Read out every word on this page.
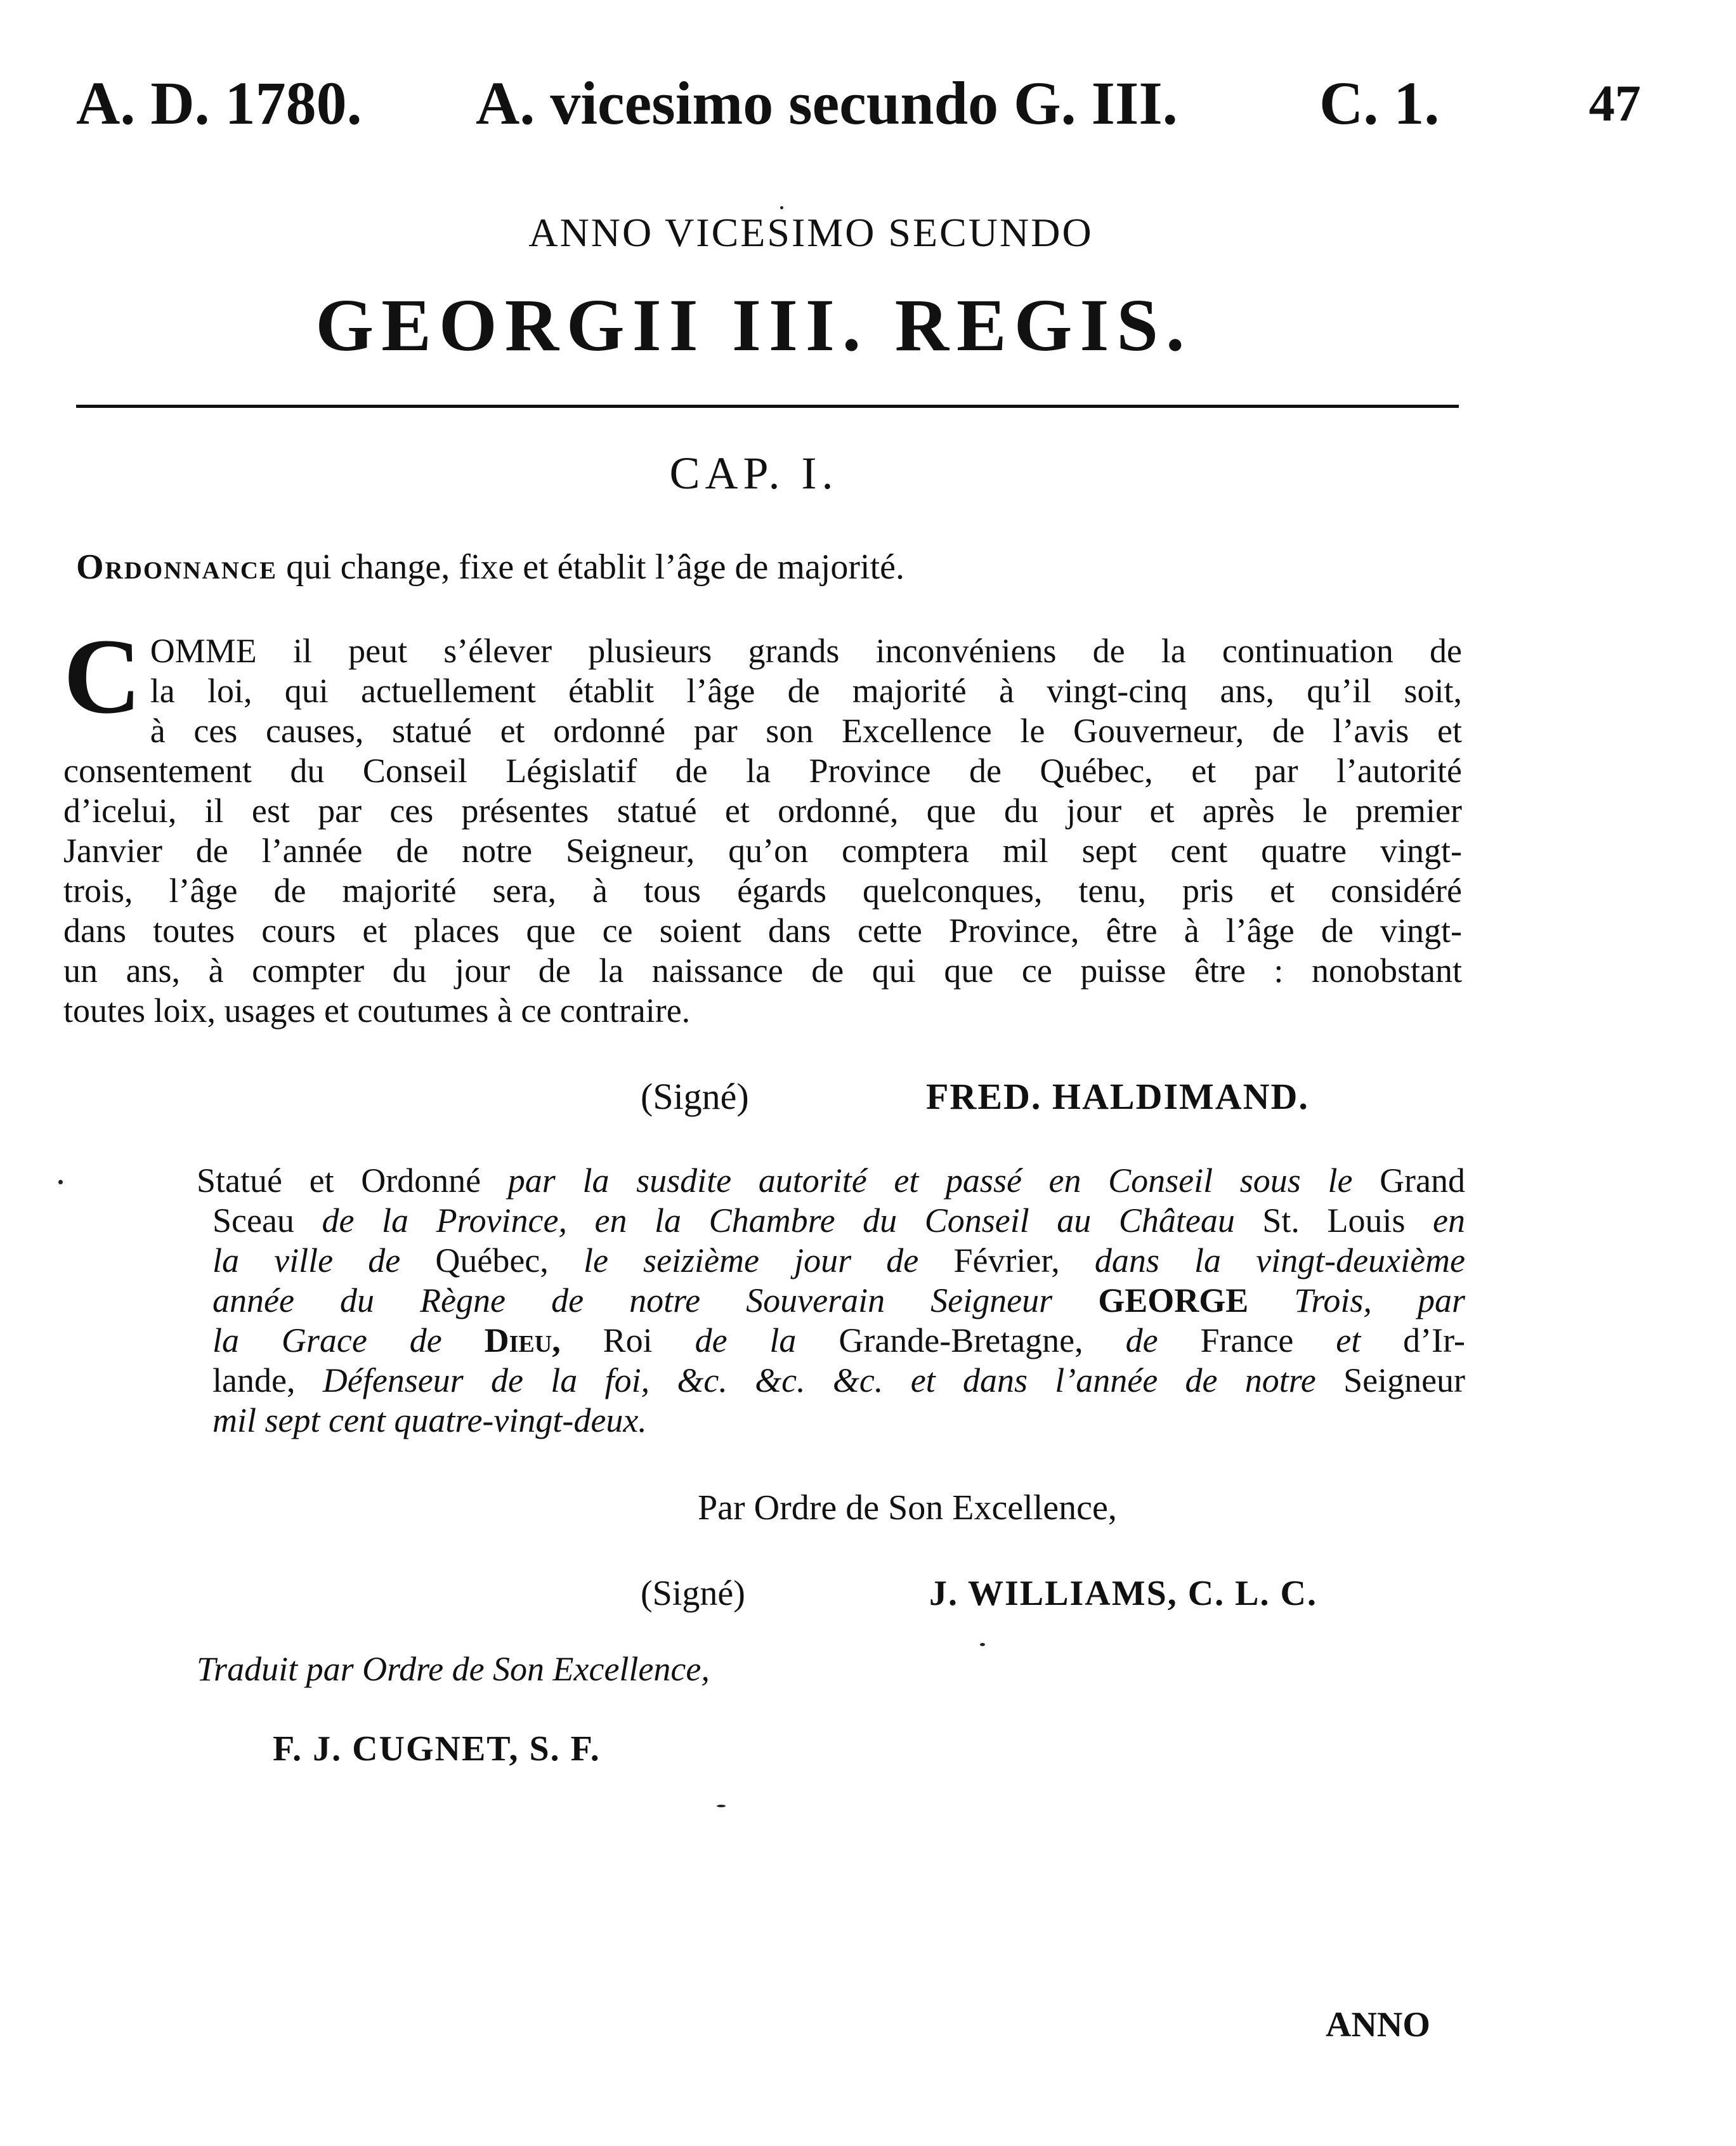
A. D. 1780. A. vicesimo secundo G. III. C. 1.	47
ANNO VICESIMO SECUNDO
GEORGII III. REGIS.
CAP. I.
Ordonnance qui change, fixe et établit l’âge de majorité.
C OMME il peut s’élever plusieurs grands inconvéniens de la continuation de
la loi, qui actuellement établit l’âge de majorité à vingt-cinq ans, qu’il soit,
à ces causes, statué et ordonné par son Excellence le Gouverneur, de l’avis et
consentement du Conseil Législatif de la Province de Québec, et par l’autorité
d’icelui, il est par ces présentes statué et ordonné, que du jour et après le premier
Janvier de l’année de notre Seigneur, qu’on comptera mil sept cent quatre vingt-
trois, l’âge de majorité sera, à tous égards quelconques, tenu, pris et considéré
dans toutes cours et places que ce soient dans cette Province, être à l’âge de vingt-
un ans, à compter du jour de la naissance de qui que ce puisse être : nonobstant
toutes loix, usages et coutumes à ce contraire.
(Signé)	FRED. HALDIMAND.
Statué et Ordonné par la susdite autorité et passé en Conseil sous le Grand
Sceau de la Province, en la Chambre du Conseil au Château St. Louis en
la ville de Québec, le seizième jour de Février, dans la vingt-deuxième
année du Règne de notre Souverain Seigneur GEORGE Trois, par
la Grace de Dieu, Roi de la Grande-Bretagne, de France et d’Ir-
lande, Défenseur de la foi, &c. &c. &c. et dans l’année de notre Seigneur
mil sept cent quatre-vingt-deux.
Par Ordre de Son Excellence,
(Signé)	J. WILLIAMS, C. L. C.
Traduit par Ordre de Son Excellence,
F. J. CUGNET, S. F.
ANNO
